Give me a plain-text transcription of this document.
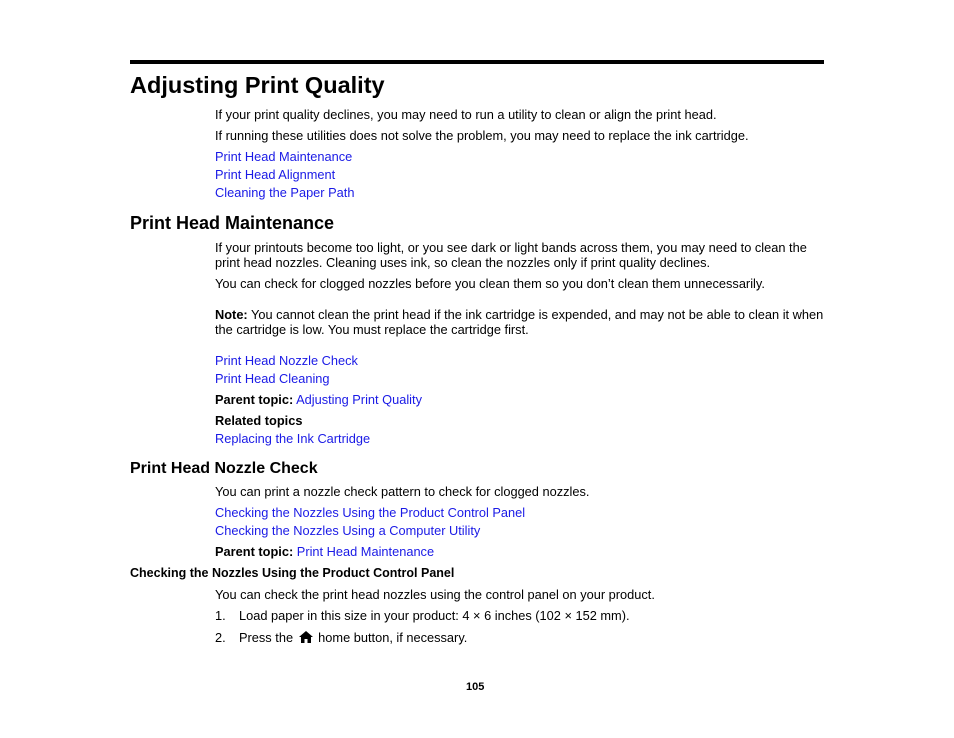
Adjusting Print Quality

If your print quality declines, you may need to run a utility to clean or align the print head.

If running these utilities does not solve the problem, you may need to replace the ink cartridge.

Print Head Maintenance
Print Head Alignment
Cleaning the Paper Path
Print Head Maintenance

If your printouts become too light, or you see dark or light bands across them, you may need to clean the print head nozzles. Cleaning uses ink, so clean the nozzles only if print quality declines.

You can check for clogged nozzles before you clean them so you don’t clean them unnecessarily.

Note: You cannot clean the print head if the ink cartridge is expended, and may not be able to clean it when the cartridge is low. You must replace the cartridge first.

Print Head Nozzle Check
Print Head Cleaning

Parent topic: Adjusting Print Quality

Related topics

Replacing the Ink Cartridge
Print Head Nozzle Check

You can print a nozzle check pattern to check for clogged nozzles.

Checking the Nozzles Using the Product Control Panel
Checking the Nozzles Using a Computer Utility

Parent topic: Print Head Maintenance

Checking the Nozzles Using the Product Control Panel

You can check the print head nozzles using the control panel on your product.

1. Load paper in this size in your product: 4 × 6 inches (102 × 152 mm).

2. Press the  home button, if necessary.

105
